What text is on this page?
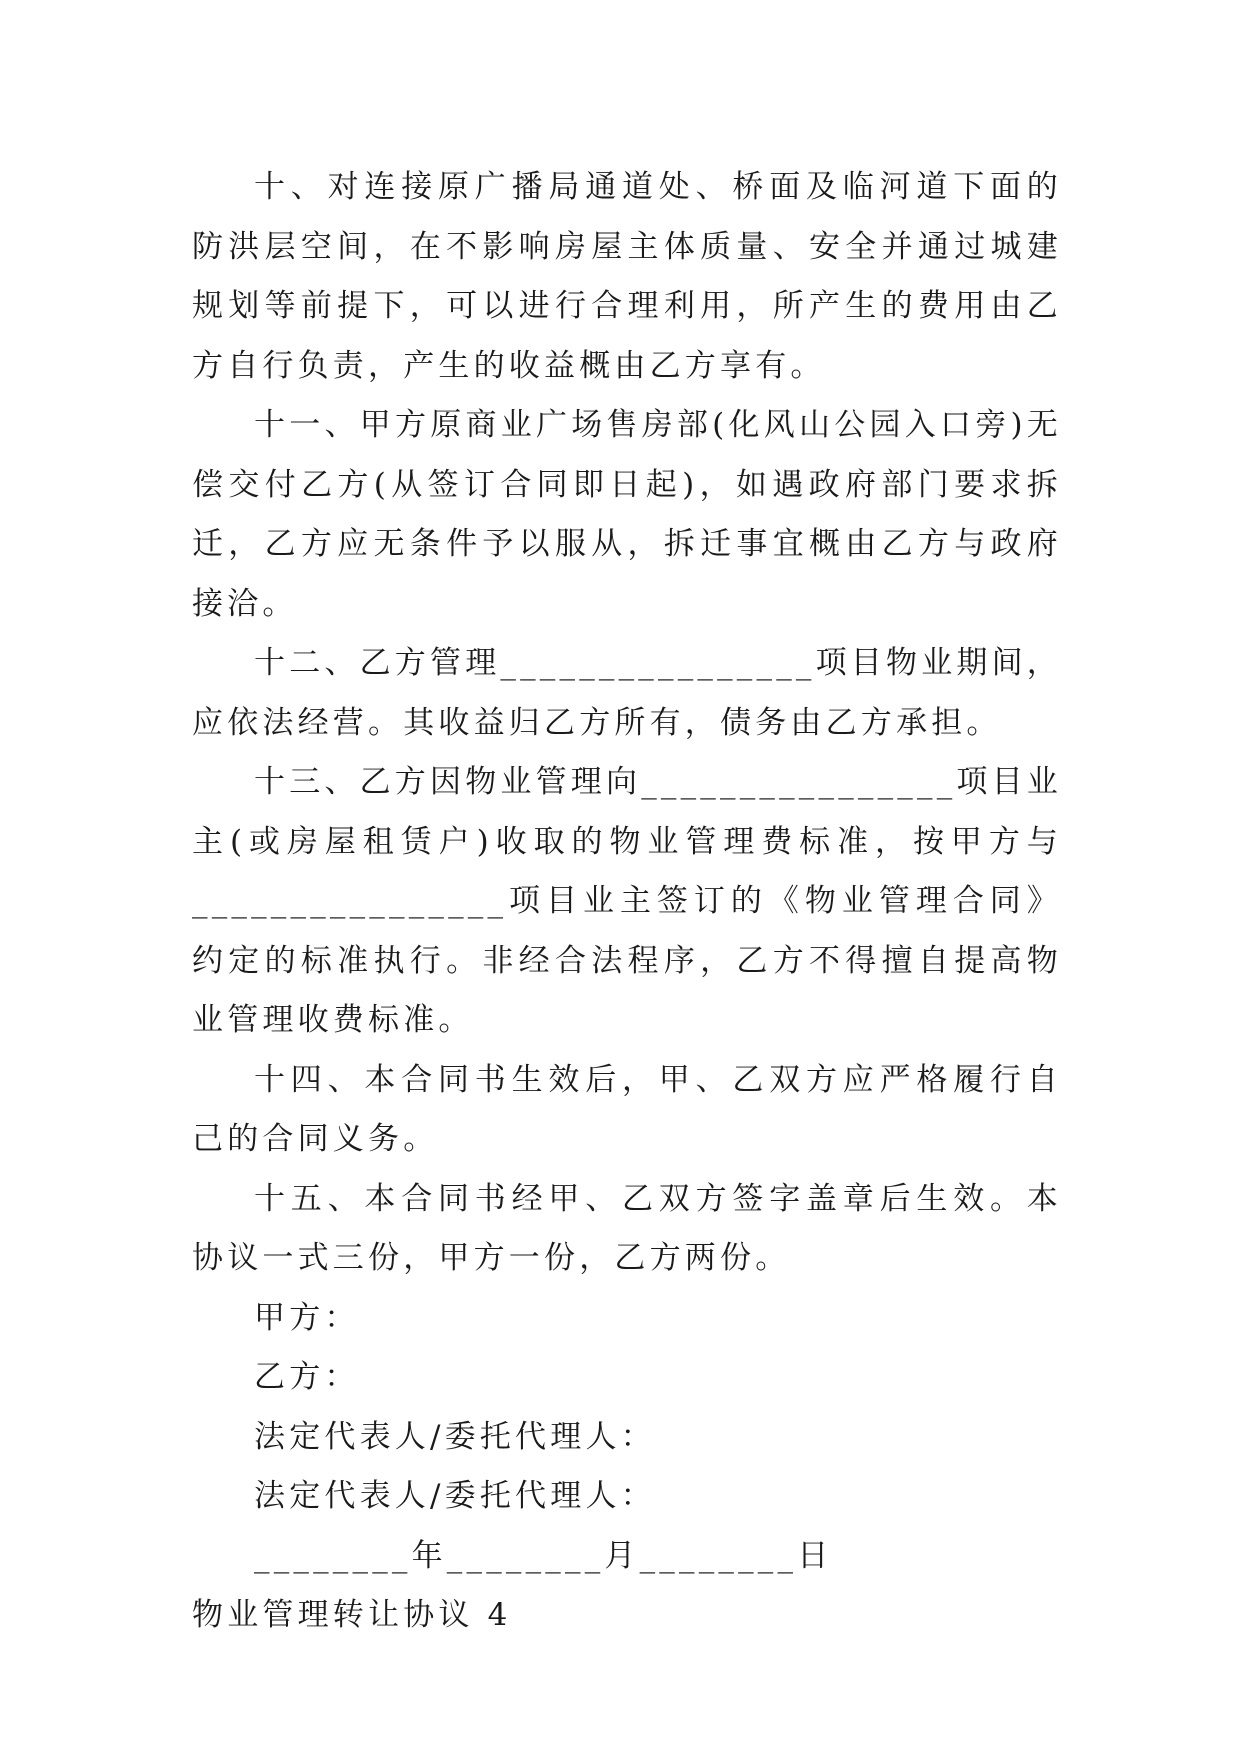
十、对连接原广播局通道处、桥面及临河道下面的防洪层空间，在不影响房屋主体质量、安全并通过城建规划等前提下，可以进行合理利用，所产生的费用由乙方自行负责，产生的收益概由乙方享有。

十一、甲方原商业广场售房部(化风山公园入口旁)无偿交付乙方(从签订合同即日起)，如遇政府部门要求拆迁，乙方应无条件予以服从，拆迁事宜概由乙方与政府接洽。

十二、乙方管理________________项目物业期间，应依法经营。其收益归乙方所有，债务由乙方承担。

十三、乙方因物业管理向________________项目业主(或房屋租赁户)收取的物业管理费标准，按甲方与________________项目业主签订的《物业管理合同》约定的标准执行。非经合法程序，乙方不得擅自提高物业管理收费标准。

十四、本合同书生效后，甲、乙双方应严格履行自己的合同义务。

十五、本合同书经甲、乙双方签字盖章后生效。本协议一式三份，甲方一份，乙方两份。

甲方：

乙方：

法定代表人/委托代理人：

法定代表人/委托代理人：

________年________月________日

物业管理转让协议 4
